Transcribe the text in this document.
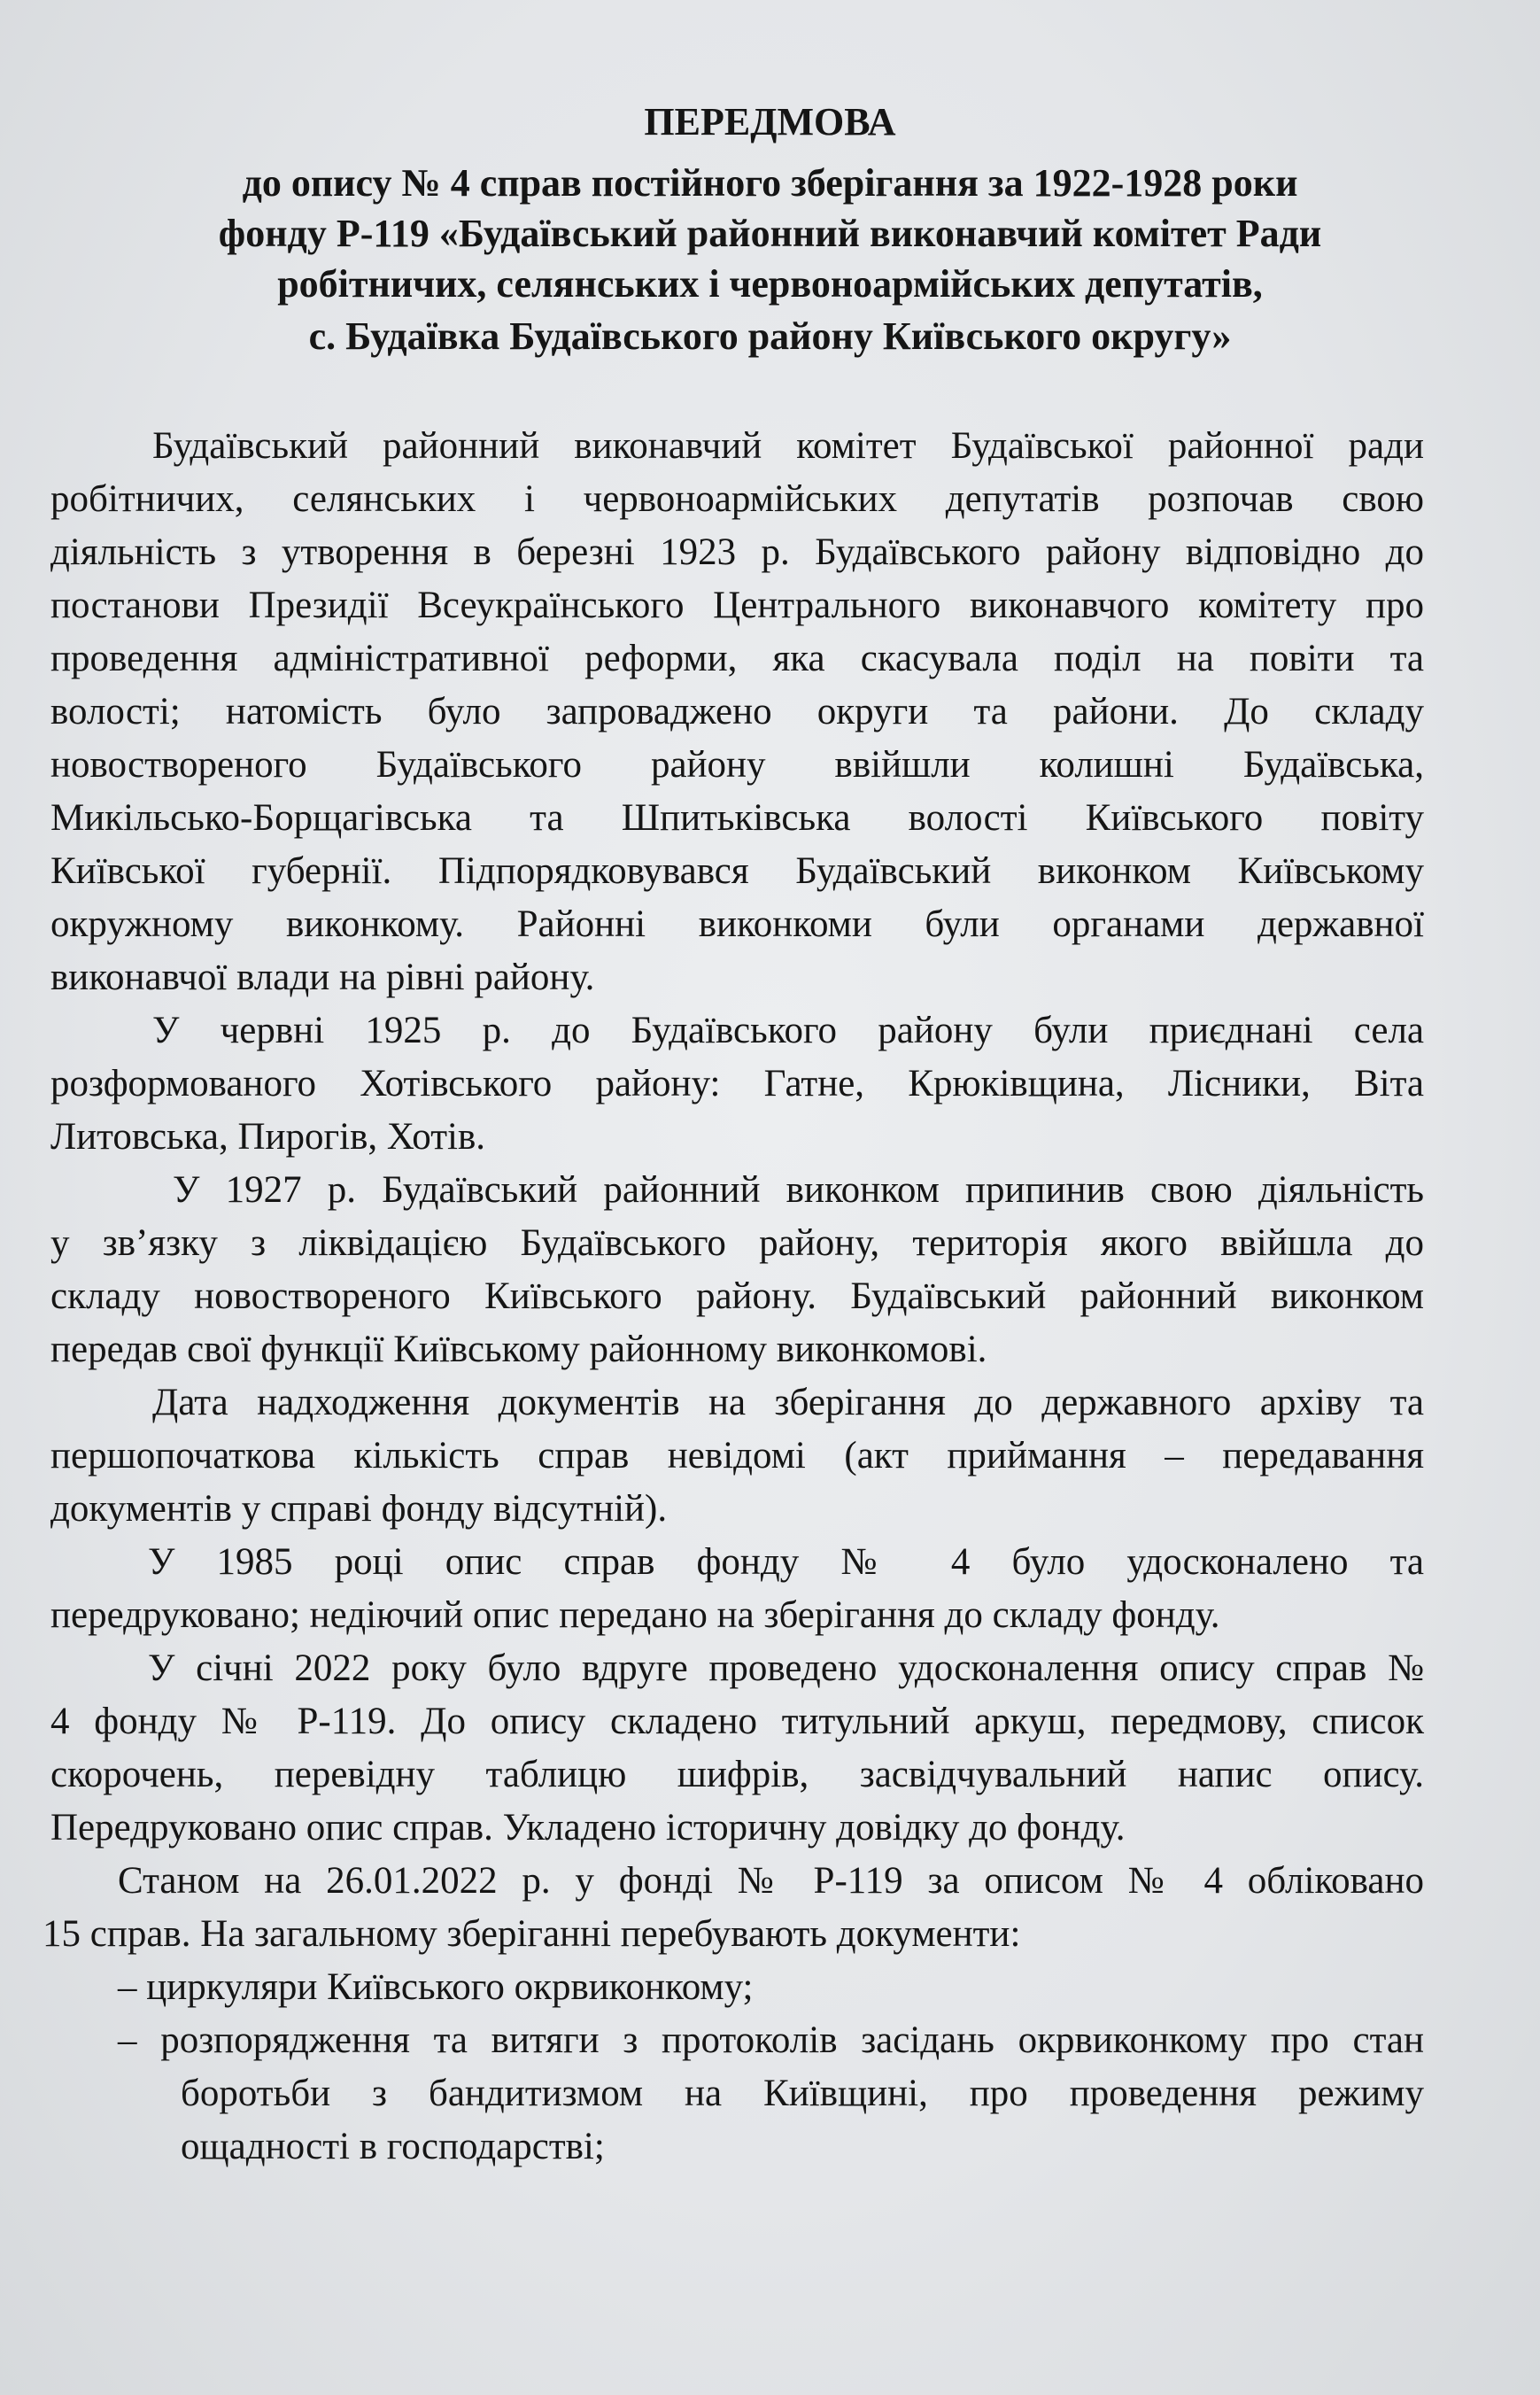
ПЕРЕДМОВА
до опису № 4 справ постійного зберігання за 1922-1928 роки
фонду Р-119 «Будаївський районний виконавчий комітет Ради
робітничих, селянських і червоноармійських депутатів,
с. Будаївка Будаївського району Київського округу»
Будаївський районний виконавчий комітет Будаївської районної ради
робітничих, селянських і червоноармійських депутатів розпочав свою
діяльність з утворення в березні 1923 р. Будаївського району відповідно до
постанови Президії Всеукраїнського Центрального виконавчого комітету про
проведення адміністративної реформи, яка скасувала поділ на повіти та
волості; натомість було запроваджено округи та райони. До складу
новоствореного Будаївського району ввійшли колишні Будаївська,
Микільсько-Борщагівська та Шпитьківська волості Київського повіту
Київської губернії. Підпорядковувався Будаївський виконком Київському
окружному виконкому. Районні виконкоми були органами державної
виконавчої влади на рівні району.
У червні 1925 р. до Будаївського району були приєднані села
розформованого Хотівського району: Гатне, Крюківщина, Лісники, Віта
Литовська, Пирогів, Хотів.
У 1927 р. Будаївський районний виконком припинив свою діяльність
у зв’язку з ліквідацією Будаївського району, територія якого ввійшла до
складу новоствореного Київського району. Будаївський районний виконком
передав свої функції Київському районному виконкомові.
Дата надходження документів на зберігання до державного архіву та
першопочаткова кількість справ невідомі (акт приймання – передавання
документів у справі фонду відсутній).
У 1985 році опис справ фонду № 4 було удосконалено та
передруковано; недіючий опис передано на зберігання до складу фонду.
У січні 2022 року було вдруге проведено удосконалення опису справ №
4 фонду № Р-119. До опису складено титульний аркуш, передмову, список
скорочень, перевідну таблицю шифрів, засвідчувальний напис опису.
Передруковано опис справ. Укладено історичну довідку до фонду.
Станом на 26.01.2022 р. у фонді № Р-119 за описом № 4 обліковано
15 справ. На загальному зберіганні перебувають документи:
– циркуляри Київського окрвиконкому;
– розпорядження та витяги з протоколів засідань окрвиконкому про стан
боротьби з бандитизмом на Київщині, про проведення режиму
ощадності в господарстві;
